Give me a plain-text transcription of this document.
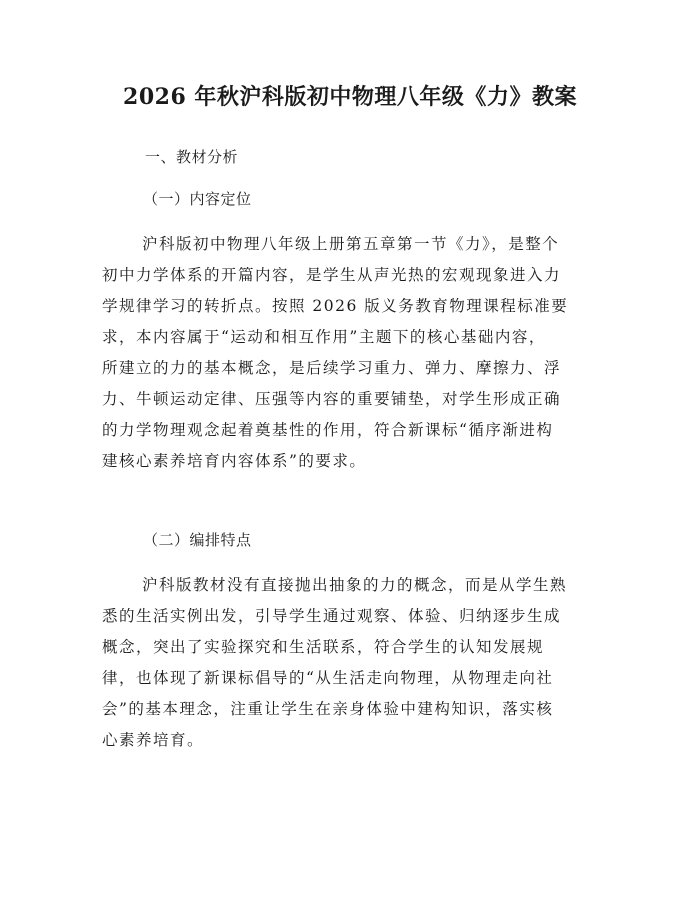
2026 年秋沪科版初中物理八年级《力》教案
一、教材分析
（一）内容定位
沪科版初中物理八年级上册第五章第一节《力》，是整个
初中力学体系的开篇内容，是学生从声光热的宏观现象进入力
学规律学习的转折点。按照 2026 版义务教育物理课程标准要
求，本内容属于“运动和相互作用”主题下的核心基础内容，
所建立的力的基本概念，是后续学习重力、弹力、摩擦力、浮
力、牛顿运动定律、压强等内容的重要铺垫，对学生形成正确
的力学物理观念起着奠基性的作用，符合新课标“循序渐进构
建核心素养培育内容体系”的要求。
（二）编排特点
沪科版教材没有直接抛出抽象的力的概念，而是从学生熟
悉的生活实例出发，引导学生通过观察、体验、归纳逐步生成
概念，突出了实验探究和生活联系，符合学生的认知发展规
律，也体现了新课标倡导的“从生活走向物理，从物理走向社
会”的基本理念，注重让学生在亲身体验中建构知识，落实核
心素养培育。
